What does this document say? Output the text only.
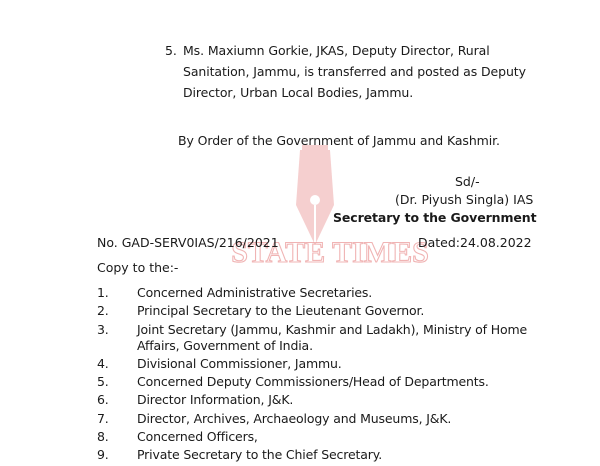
STATE TIMES
5. Ms. Maxiumn Gorkie, JKAS, Deputy Director, Rural
Sanitation, Jammu, is transferred and posted as Deputy
Director, Urban Local Bodies, Jammu.
By Order of the Government of Jammu and Kashmir.
Sd/-
(Dr. Piyush Singla) IAS
Secretary to the Government
No. GAD-SERV0IAS/216/2021	Dated:24.08.2022
Copy to the:-
1. Concerned Administrative Secretaries.
2. Principal Secretary to the Lieutenant Governor.
3. Joint Secretary (Jammu, Kashmir and Ladakh), Ministry of Home Affairs, Government of India.
4. Divisional Commissioner, Jammu.
5. Concerned Deputy Commissioners/Head of Departments.
6. Director Information, J&K.
7. Director, Archives, Archaeology and Museums, J&K.
8. Concerned Officers,
9. Private Secretary to the Chief Secretary.
